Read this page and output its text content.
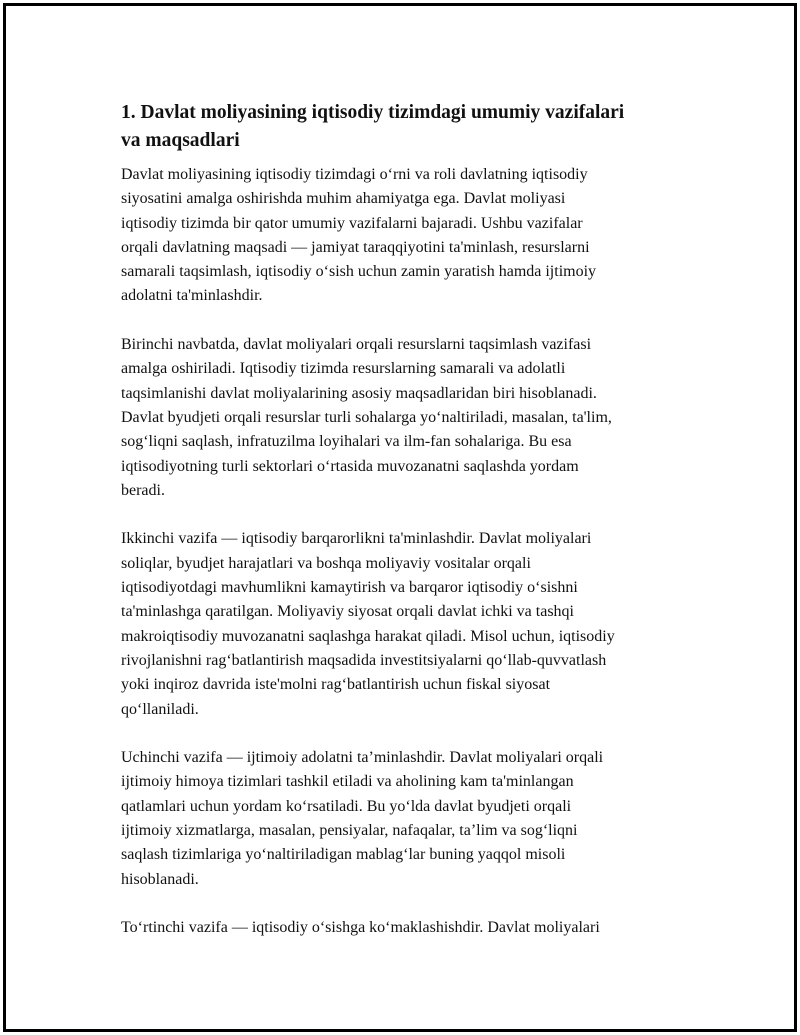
1. Davlat moliyasining iqtisodiy tizimdagi umumiy vazifalari
va maqsadlari
Davlat moliyasining iqtisodiy tizimdagi o‘rni va roli davlatning iqtisodiy
siyosatini amalga oshirishda muhim ahamiyatga ega. Davlat moliyasi
iqtisodiy tizimda bir qator umumiy vazifalarni bajaradi. Ushbu vazifalar
orqali davlatning maqsadi — jamiyat taraqqiyotini ta'minlash, resurslarni
samarali taqsimlash, iqtisodiy o‘sish uchun zamin yaratish hamda ijtimoiy
adolatni ta'minlashdir.
Birinchi navbatda, davlat moliyalari orqali resurslarni taqsimlash vazifasi
amalga oshiriladi. Iqtisodiy tizimda resurslarning samarali va adolatli
taqsimlanishi davlat moliyalarining asosiy maqsadlaridan biri hisoblanadi.
Davlat byudjeti orqali resurslar turli sohalarga yo‘naltiriladi, masalan, ta'lim,
sog‘liqni saqlash, infratuzilma loyihalari va ilm-fan sohalariga. Bu esa
iqtisodiyotning turli sektorlari o‘rtasida muvozanatni saqlashda yordam
beradi.
Ikkinchi vazifa — iqtisodiy barqarorlikni ta'minlashdir. Davlat moliyalari
soliqlar, byudjet harajatlari va boshqa moliyaviy vositalar orqali
iqtisodiyotdagi mavhumlikni kamaytirish va barqaror iqtisodiy o‘sishni
ta'minlashga qaratilgan. Moliyaviy siyosat orqali davlat ichki va tashqi
makroiqtisodiy muvozanatni saqlashga harakat qiladi. Misol uchun, iqtisodiy
rivojlanishni rag‘batlantirish maqsadida investitsiyalarni qo‘llab-quvvatlash
yoki inqiroz davrida iste'molni rag‘batlantirish uchun fiskal siyosat
qo‘llaniladi.
Uchinchi vazifa — ijtimoiy adolatni ta’minlashdir. Davlat moliyalari orqali
ijtimoiy himoya tizimlari tashkil etiladi va aholining kam ta'minlangan
qatlamlari uchun yordam ko‘rsatiladi. Bu yo‘lda davlat byudjeti orqali
ijtimoiy xizmatlarga, masalan, pensiyalar, nafaqalar, ta’lim va sog‘liqni
saqlash tizimlariga yo‘naltiriladigan mablag‘lar buning yaqqol misoli
hisoblanadi.
To‘rtinchi vazifa — iqtisodiy o‘sishga ko‘maklashishdir. Davlat moliyalari
